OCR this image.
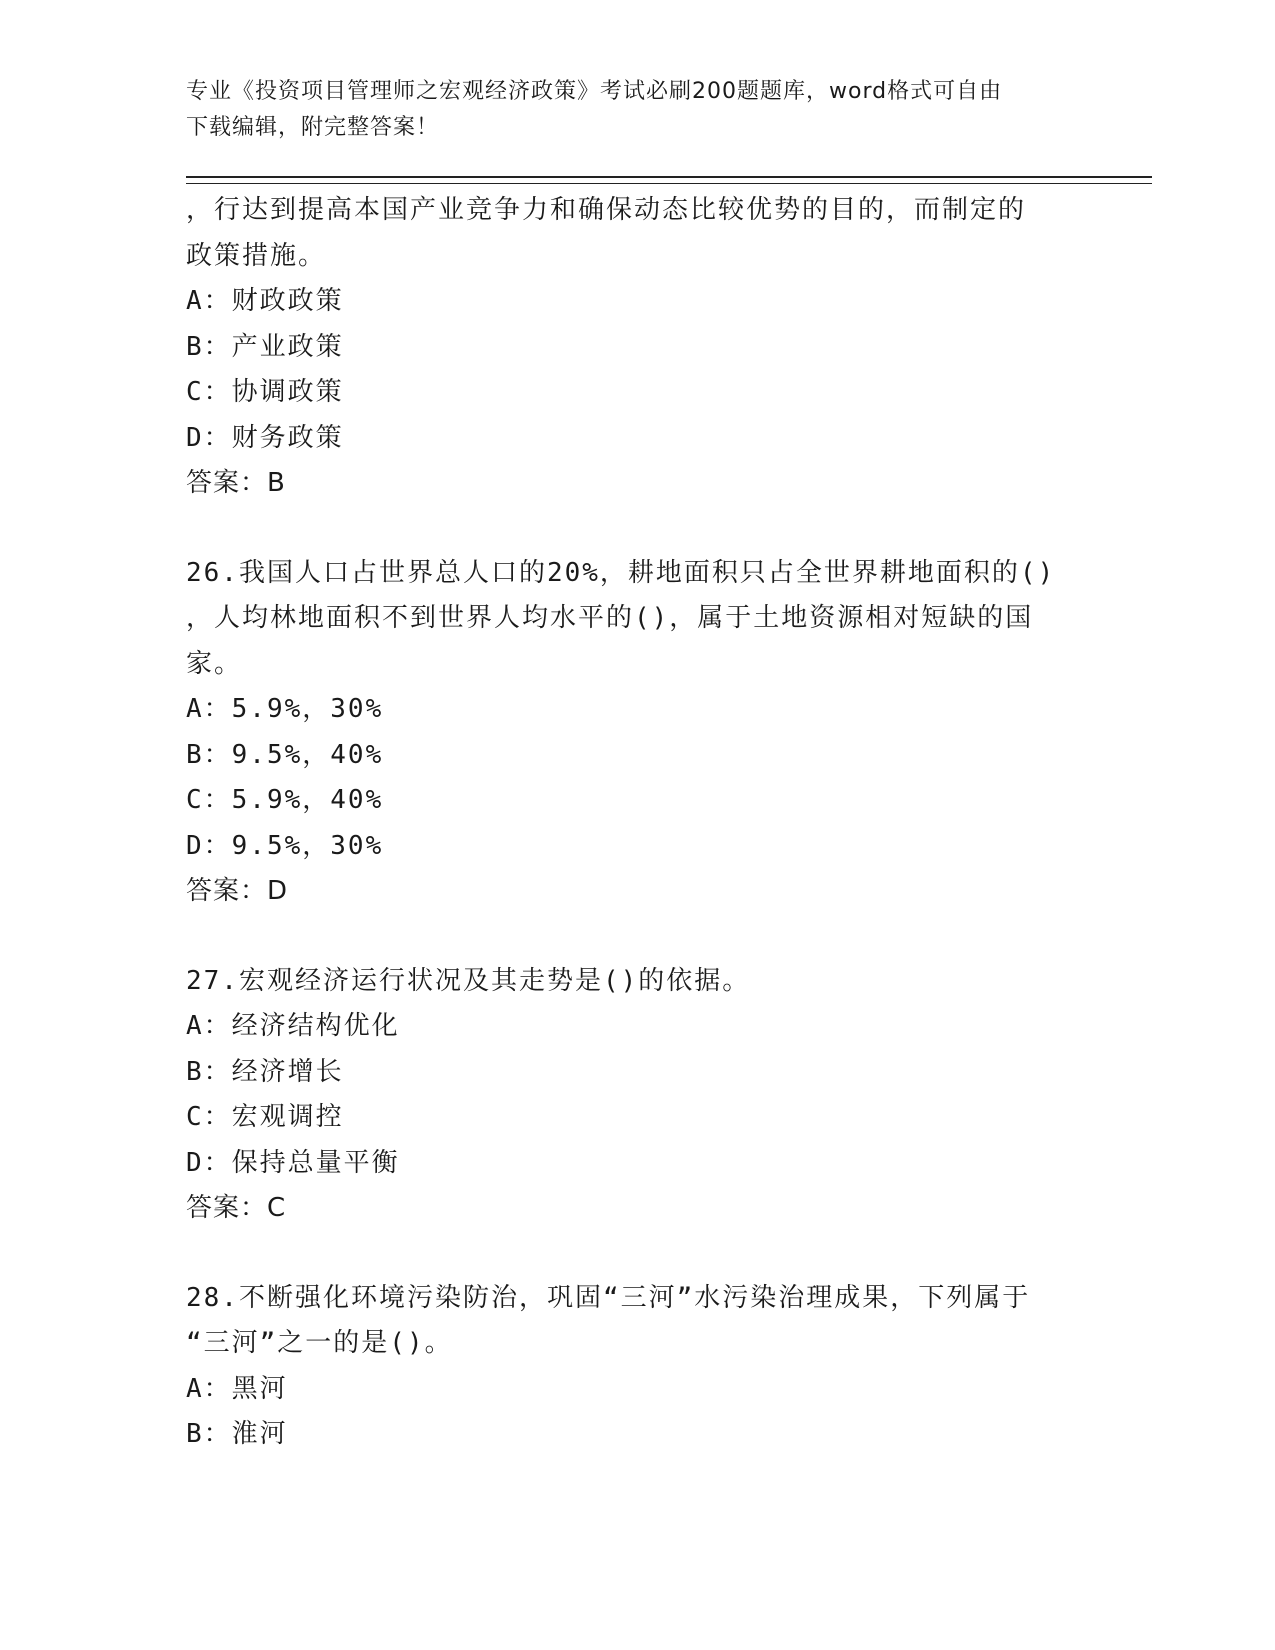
专业《投资项目管理师之宏观经济政策》考试必刷200题题库，word格式可自由
下载编辑，附完整答案！
，行达到提高本国产业竞争力和确保动态比较优势的目的，而制定的
政策措施。
A：财政政策
B：产业政策
C：协调政策
D：财务政策
答案：B
26.我国人口占世界总人口的20%，耕地面积只占全世界耕地面积的()
，人均林地面积不到世界人均水平的()，属于土地资源相对短缺的国
家。
A：5.9%，30%
B：9.5%，40%
C：5.9%，40%
D：9.5%，30%
答案：D
27.宏观经济运行状况及其走势是()的依据。
A：经济结构优化
B：经济增长
C：宏观调控
D：保持总量平衡
答案：C
28.不断强化环境污染防治，巩固“三河”水污染治理成果，下列属于
“三河”之一的是()。
A：黑河
B：淮河
